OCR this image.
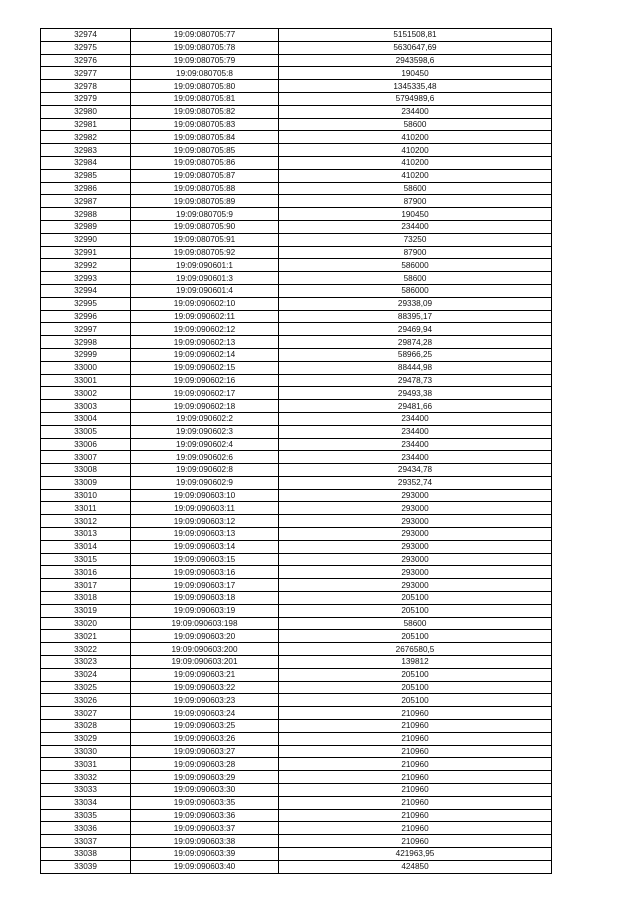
32974	19:09:080705:77	5151508,81
32975	19:09:080705:78	5630647,69
32976	19:09:080705:79	2943598,6
32977	19:09:080705:8	190450
32978	19:09:080705:80	1345335,48
32979	19:09:080705:81	5794989,6
32980	19:09:080705:82	234400
32981	19:09:080705:83	58600
32982	19:09:080705:84	410200
32983	19:09:080705:85	410200
32984	19:09:080705:86	410200
32985	19:09:080705:87	410200
32986	19:09:080705:88	58600
32987	19:09:080705:89	87900
32988	19:09:080705:9	190450
32989	19:09:080705:90	234400
32990	19:09:080705:91	73250
32991	19:09:080705:92	87900
32992	19:09:090601:1	586000
32993	19:09:090601:3	58600
32994	19:09:090601:4	586000
32995	19:09:090602:10	29338,09
32996	19:09:090602:11	88395,17
32997	19:09:090602:12	29469,94
32998	19:09:090602:13	29874,28
32999	19:09:090602:14	58966,25
33000	19:09:090602:15	88444,98
33001	19:09:090602:16	29478,73
33002	19:09:090602:17	29493,38
33003	19:09:090602:18	29481,66
33004	19:09:090602:2	234400
33005	19:09:090602:3	234400
33006	19:09:090602:4	234400
33007	19:09:090602:6	234400
33008	19:09:090602:8	29434,78
33009	19:09:090602:9	29352,74
33010	19:09:090603:10	293000
33011	19:09:090603:11	293000
33012	19:09:090603:12	293000
33013	19:09:090603:13	293000
33014	19:09:090603:14	293000
33015	19:09:090603:15	293000
33016	19:09:090603:16	293000
33017	19:09:090603:17	293000
33018	19:09:090603:18	205100
33019	19:09:090603:19	205100
33020	19:09:090603:198	58600
33021	19:09:090603:20	205100
33022	19:09:090603:200	2676580,5
33023	19:09:090603:201	139812
33024	19:09:090603:21	205100
33025	19:09:090603:22	205100
33026	19:09:090603:23	205100
33027	19:09:090603:24	210960
33028	19:09:090603:25	210960
33029	19:09:090603:26	210960
33030	19:09:090603:27	210960
33031	19:09:090603:28	210960
33032	19:09:090603:29	210960
33033	19:09:090603:30	210960
33034	19:09:090603:35	210960
33035	19:09:090603:36	210960
33036	19:09:090603:37	210960
33037	19:09:090603:38	210960
33038	19:09:090603:39	421963,95
33039	19:09:090603:40	424850
